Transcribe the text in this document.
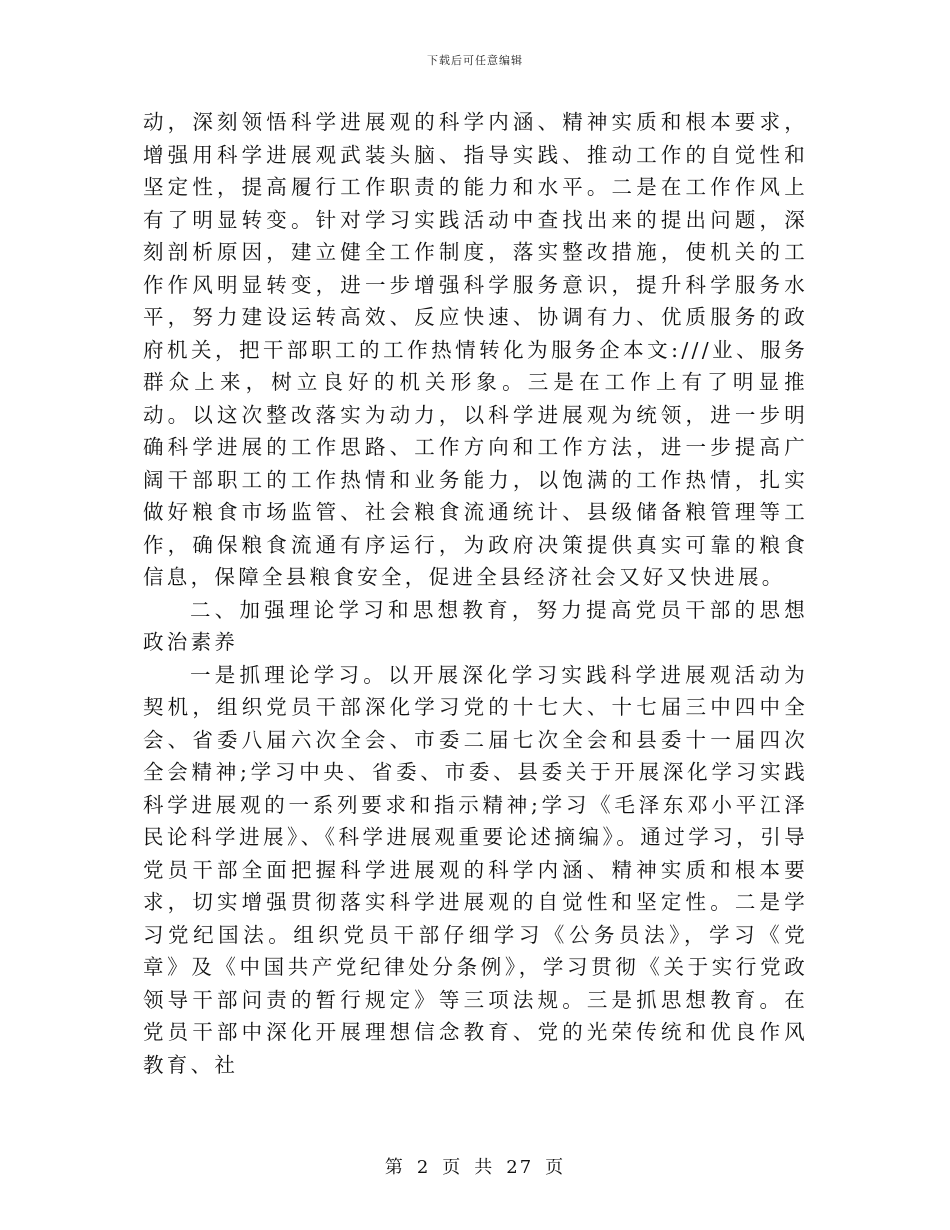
下载后可任意编辑

动，深刻领悟科学进展观的科学内涵、精神实质和根本要求，增强用科学进展观武装头脑、指导实践、推动工作的自觉性和坚定性，提高履行工作职责的能力和水平。二是在工作作风上有了明显转变。针对学习实践活动中查找出来的提出问题，深刻剖析原因，建立健全工作制度，落实整改措施，使机关的工作作风明显转变，进一步增强科学服务意识，提升科学服务水平，努力建设运转高效、反应快速、协调有力、优质服务的政府机关，把干部职工的工作热情转化为服务企本文:///业、服务群众上来，树立良好的机关形象。三是在工作上有了明显推动。以这次整改落实为动力，以科学进展观为统领，进一步明确科学进展的工作思路、工作方向和工作方法，进一步提高广阔干部职工的工作热情和业务能力，以饱满的工作热情，扎实做好粮食市场监管、社会粮食流通统计、县级储备粮管理等工作，确保粮食流通有序运行，为政府决策提供真实可靠的粮食信息，保障全县粮食安全，促进全县经济社会又好又快进展。

二、加强理论学习和思想教育，努力提高党员干部的思想政治素养

一是抓理论学习。以开展深化学习实践科学进展观活动为契机，组织党员干部深化学习党的十七大、十七届三中四中全会、省委八届六次全会、市委二届七次全会和县委十一届四次全会精神;学习中央、省委、市委、县委关于开展深化学习实践科学进展观的一系列要求和指示精神;学习《毛泽东邓小平江泽民论科学进展》、《科学进展观重要论述摘编》。通过学习，引导党员干部全面把握科学进展观的科学内涵、精神实质和根本要求，切实增强贯彻落实科学进展观的自觉性和坚定性。二是学习党纪国法。组织党员干部仔细学习《公务员法》，学习《党章》及《中国共产党纪律处分条例》，学习贯彻《关于实行党政领导干部问责的暂行规定》等三项法规。三是抓思想教育。在党员干部中深化开展理想信念教育、党的光荣传统和优良作风教育、社

第 2 页 共 27 页
